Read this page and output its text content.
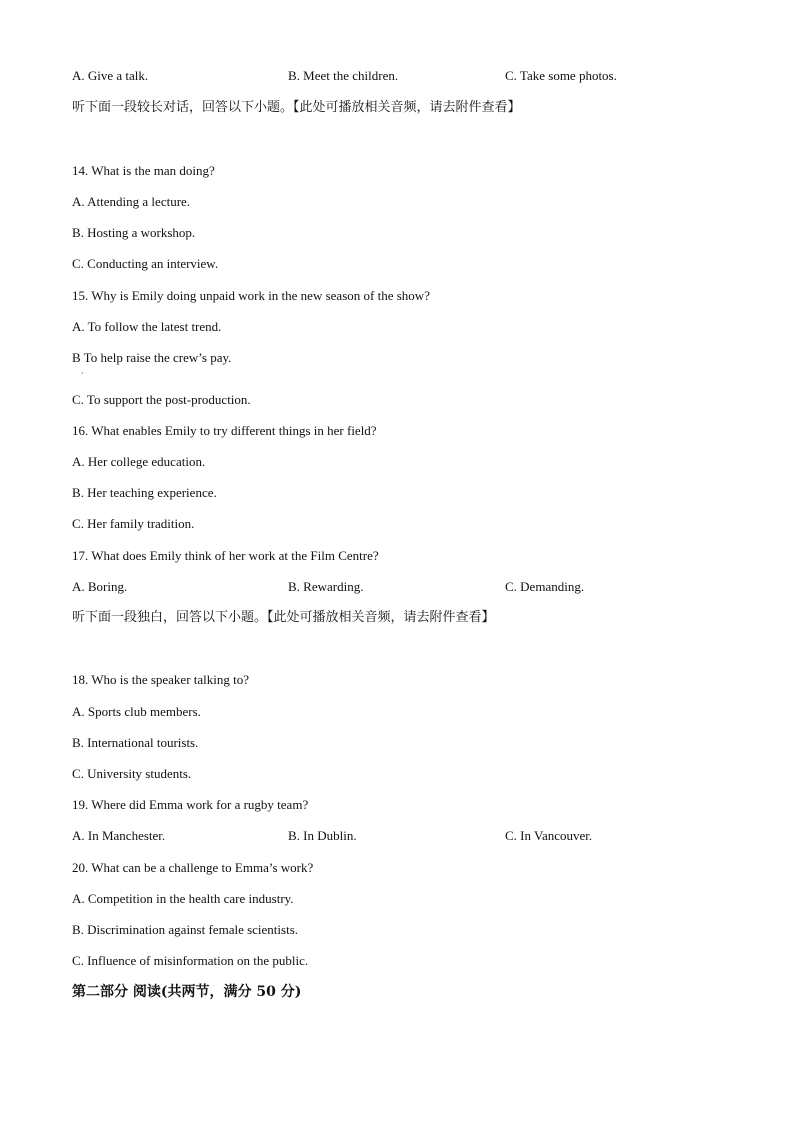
A. Give a talk.	B. Meet the children.	C. Take some photos.
听下面一段较长对话，回答以下小题。【此处可播放相关音频，请去附件查看】
14. What is the man doing?
A. Attending a lecture.
B. Hosting a workshop.
C. Conducting an interview.
15. Why is Emily doing unpaid work in the new season of the show?
A. To follow the latest trend.
B To help raise the crew’s pay.
·
C. To support the post-production.
16. What enables Emily to try different things in her field?
A. Her college education.
B. Her teaching experience.
C. Her family tradition.
17. What does Emily think of her work at the Film Centre?
A. Boring.	B. Rewarding.	C. Demanding.
听下面一段独白，回答以下小题。【此处可播放相关音频，请去附件查看】
18. Who is the speaker talking to?
A. Sports club members.
B. International tourists.
C. University students.
19. Where did Emma work for a rugby team?
A. In Manchester.	B. In Dublin.	C. In Vancouver.
20. What can be a challenge to Emma’s work?
A. Competition in the health care industry.
B. Discrimination against female scientists.
C. Influence of misinformation on the public.
第二部分 阅读(共两节，满分 50 分)
